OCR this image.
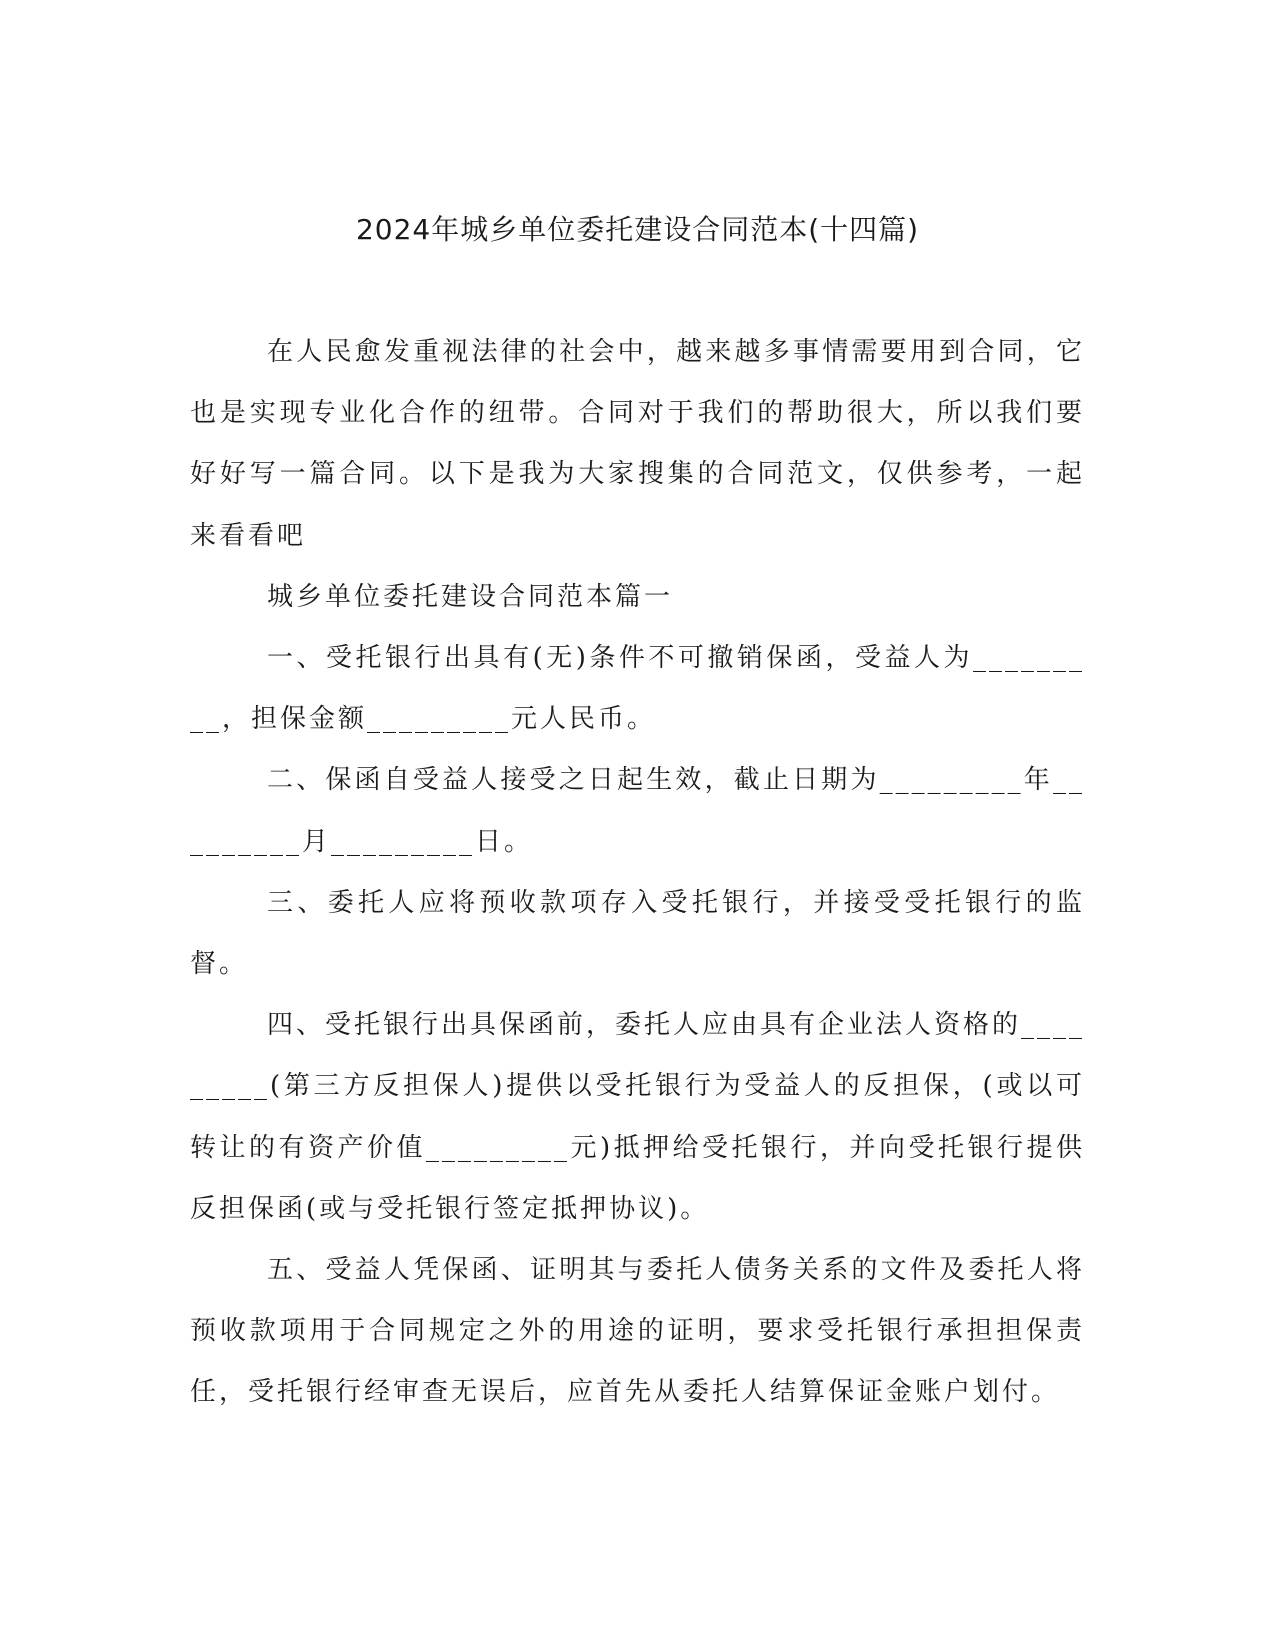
2024年城乡单位委托建设合同范本(十四篇)

在人民愈发重视法律的社会中，越来越多事情需要用到合同，它也是实现专业化合作的纽带。合同对于我们的帮助很大，所以我们要好好写一篇合同。以下是我为大家搜集的合同范文，仅供参考，一起来看看吧

城乡单位委托建设合同范本篇一

一、受托银行出具有(无)条件不可撤销保函，受益人为_________，担保金额_________元人民币。

二、保函自受益人接受之日起生效，截止日期为_________年_________月_________日。

三、委托人应将预收款项存入受托银行，并接受受托银行的监督。

四、受托银行出具保函前，委托人应由具有企业法人资格的_________(第三方反担保人)提供以受托银行为受益人的反担保，(或以可转让的有资产价值_________元)抵押给受托银行，并向受托银行提供反担保函(或与受托银行签定抵押协议)。

五、受益人凭保函、证明其与委托人债务关系的文件及委托人将预收款项用于合同规定之外的用途的证明，要求受托银行承担担保责任，受托银行经审查无误后，应首先从委托人结算保证金账户划付。
